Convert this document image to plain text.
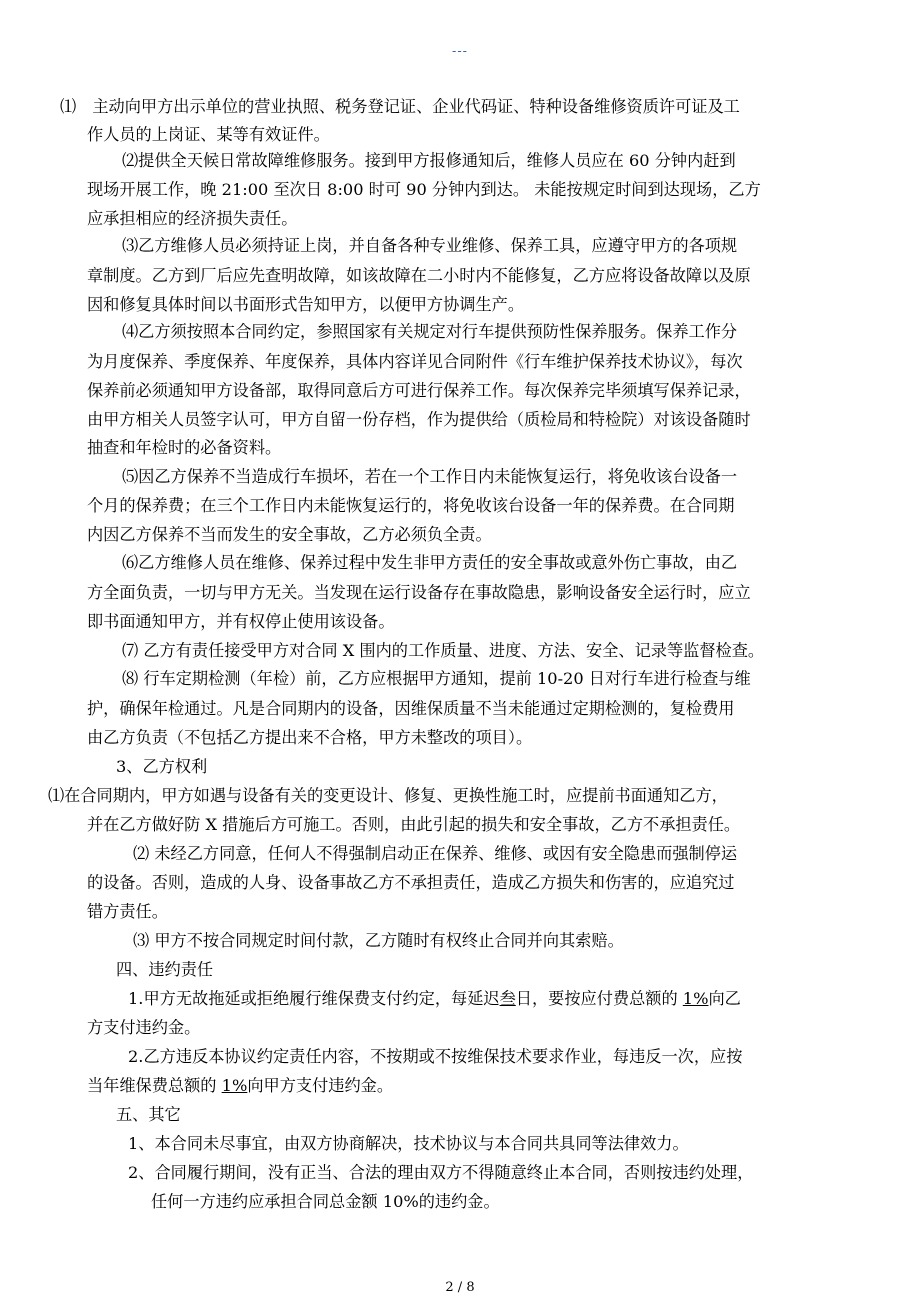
---
⑴　主动向甲方出示单位的营业执照、税务登记证、企业代码证、特种设备维修资质许可证及工
作人员的上岗证、某等有效证件。
⑵提供全天候日常故障维修服务。接到甲方报修通知后，维修人员应在 60 分钟内赶到
现场开展工作，晚 21:00 至次日 8:00 时可 90 分钟内到达。 未能按规定时间到达现场，乙方
应承担相应的经济损失责任。
⑶乙方维修人员必须持证上岗，并自备各种专业维修、保养工具，应遵守甲方的各项规
章制度。乙方到厂后应先查明故障，如该故障在二小时内不能修复，乙方应将设备故障以及原
因和修复具体时间以书面形式告知甲方，以便甲方协调生产。
⑷乙方须按照本合同约定，参照国家有关规定对行车提供预防性保养服务。保养工作分
为月度保养、季度保养、年度保养，具体内容详见合同附件《行车维护保养技术协议》，每次
保养前必须通知甲方设备部，取得同意后方可进行保养工作。每次保养完毕须填写保养记录，
由甲方相关人员签字认可，甲方自留一份存档，作为提供给（质检局和特检院）对该设备随时
抽查和年检时的必备资料。
⑸因乙方保养不当造成行车损坏，若在一个工作日内未能恢复运行，将免收该台设备一
个月的保养费；在三个工作日内未能恢复运行的，将免收该台设备一年的保养费。在合同期
内因乙方保养不当而发生的安全事故，乙方必须负全责。
⑹乙方维修人员在维修、保养过程中发生非甲方责任的安全事故或意外伤亡事故，由乙
方全面负责，一切与甲方无关。当发现在运行设备存在事故隐患，影响设备安全运行时，应立
即书面通知甲方，并有权停止使用该设备。
⑺ 乙方有责任接受甲方对合同 X 围内的工作质量、进度、方法、安全、记录等监督检查。
⑻ 行车定期检测（年检）前，乙方应根据甲方通知，提前 10-20 日对行车进行检查与维
护，确保年检通过。凡是合同期内的设备，因维保质量不当未能通过定期检测的，复检费用
由乙方负责（不包括乙方提出来不合格，甲方未整改的项目）。
3、乙方权利
⑴在合同期内，甲方如遇与设备有关的变更设计、修复、更换性施工时，应提前书面通知乙方，
并在乙方做好防 X 措施后方可施工。否则，由此引起的损失和安全事故，乙方不承担责任。
⑵ 未经乙方同意，任何人不得强制启动正在保养、维修、或因有安全隐患而强制停运
的设备。否则，造成的人身、设备事故乙方不承担责任，造成乙方损失和伤害的，应追究过
错方责任。
⑶ 甲方不按合同规定时间付款，乙方随时有权终止合同并向其索赔。
四、违约责任
1.甲方无故拖延或拒绝履行维保费支付约定，每延迟叁日，要按应付费总额的 1%向乙
方支付违约金。
2.乙方违反本协议约定责任内容，不按期或不按维保技术要求作业，每违反一次，应按
当年维保费总额的 1%向甲方支付违约金。
五、其它
1、本合同未尽事宜，由双方协商解决，技术协议与本合同共具同等法律效力。
2、合同履行期间，没有正当、合法的理由双方不得随意终止本合同，否则按违约处理，
任何一方违约应承担合同总金额 10%的违约金。
2 / 8
